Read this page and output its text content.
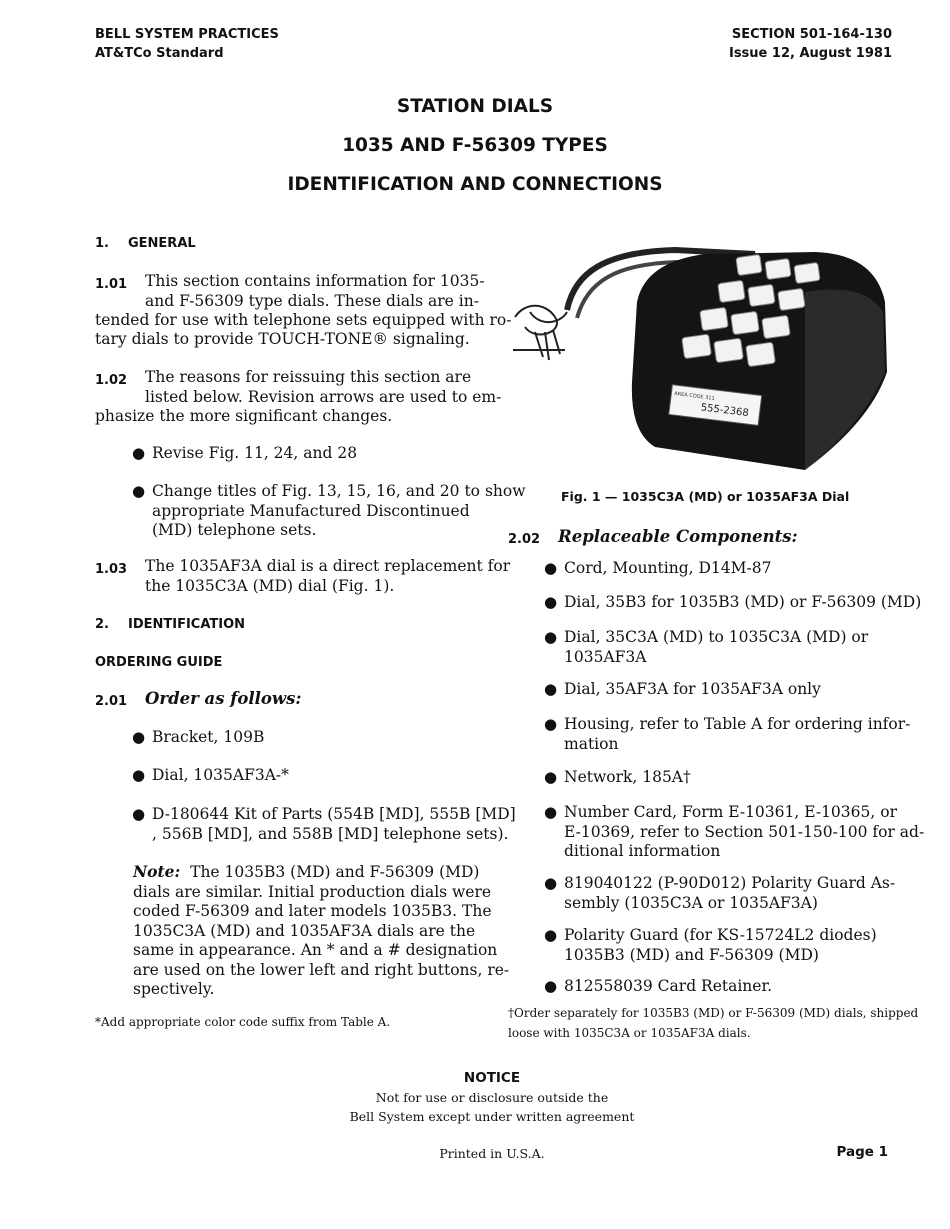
BELL SYSTEM PRACTICES
AT&TCo Standard
SECTION 501-164-130
Issue 12, August 1981
STATION DIALS
1035 AND F-56309 TYPES
IDENTIFICATION AND CONNECTIONS
1. GENERAL
1.01 This section contains information for 1035-
and F-56309 type dials. These dials are in-
tended for use with telephone sets equipped with ro-
tary dials to provide TOUCH-TONE® signaling.
1.02 The reasons for reissuing this section are
listed below. Revision arrows are used to em-
phasize the more significant changes.
● Revise Fig. 11, 24, and 28
● Change titles of Fig. 13, 15, 16, and 20 to show
appropriate Manufactured Discontinued
(MD) telephone sets.
1.03 The 1035AF3A dial is a direct replacement for
the 1035C3A (MD) dial (Fig. 1).
2. IDENTIFICATION
ORDERING GUIDE
2.01 Order as follows:
● Bracket, 109B
● Dial, 1035AF3A-*
● D-180644 Kit of Parts (554B [MD], 555B [MD]
, 556B [MD], and 558B [MD] telephone sets).
Note: The 1035B3 (MD) and F-56309 (MD)
dials are similar. Initial production dials were
coded F-56309 and later models 1035B3. The
1035C3A (MD) and 1035AF3A dials are the
same in appearance. An * and a # designation
are used on the lower left and right buttons, re-
spectively.
*Add appropriate color code suffix from Table A.
AREA CODE 311
555-2368
Fig. 1 — 1035C3A (MD) or 1035AF3A Dial
2.02 Replaceable Components:
● Cord, Mounting, D14M-87
● Dial, 35B3 for 1035B3 (MD) or F-56309 (MD)
● Dial, 35C3A (MD) to 1035C3A (MD) or
1035AF3A
● Dial, 35AF3A for 1035AF3A only
● Housing, refer to Table A for ordering infor-
mation
● Network, 185A†
● Number Card, Form E-10361, E-10365, or
E-10369, refer to Section 501-150-100 for ad-
ditional information
● 819040122 (P-90D012) Polarity Guard As-
sembly (1035C3A or 1035AF3A)
● Polarity Guard (for KS-15724L2 diodes)
1035B3 (MD) and F-56309 (MD)
● 812558039 Card Retainer.
†Order separately for 1035B3 (MD) or F-56309 (MD) dials, shipped
loose with 1035C3A or 1035AF3A dials.
NOTICE
Not for use or disclosure outside the
Bell System except under written agreement
Printed in U.S.A.	Page 1
